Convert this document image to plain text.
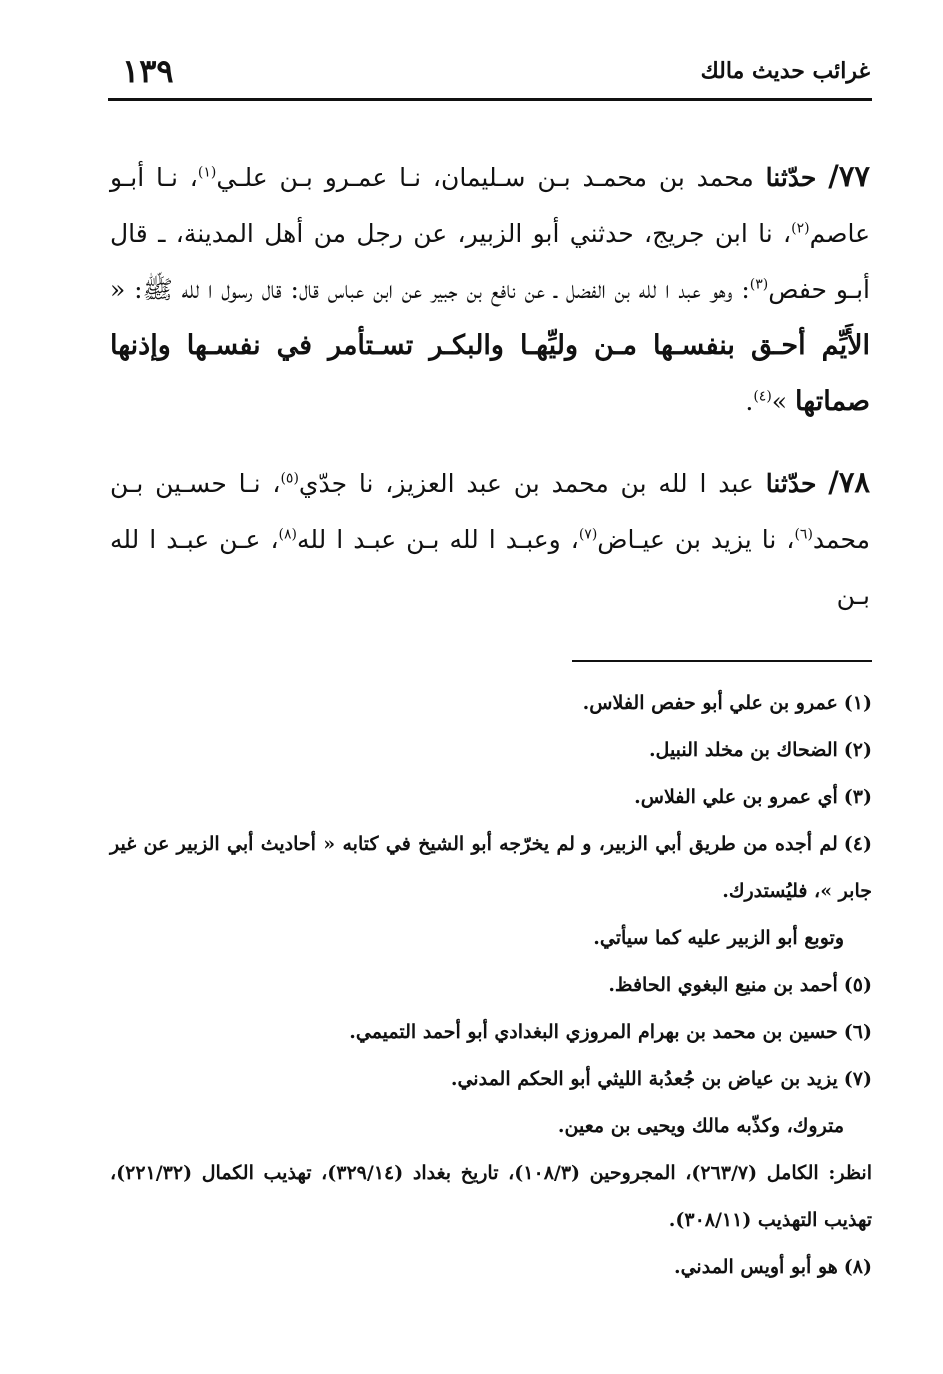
غرائب حديث مالك
١٣٩

٧٧/ حدّثنا محمد بن محمـد بـن سـليمان، نـا عمـرو بـن علـي$^{(١)}$، نـا أبـو عاصم$^{(٢)}$، نا ابن جريج، حدثني أبو الزبير، عن رجل من أهل المدينة، ـ قال أبـو حفص$^{(٣)}$: وهو عبد ا لله بن الفضل ـ عن نافع بن جبير عن ابن عباس قال: قال رسول ا لله ﷺ: « الأَيِّم أحـق بنفسـها مـن وليِّهـا والبكـر تسـتأمر في نفسـها وإذنها صماتها »$^{(٤)}$.

٧٨/ حدّثنا عبد ا لله بن محمد بن عبد العزيز، نا جدّي$^{(٥)}$، نـا حسـين بـن محمد$^{(٦)}$، نا يزيد بن عيـاض$^{(٧)}$، وعبـد ا لله بـن عبـد ا لله$^{(٨)}$، عـن عبـد ا لله بـن

(١)عمرو بن علي أبو حفص الفلاس.

(٢)الضحاك بن مخلد النبيل.

(٣)أي عمرو بن علي الفلاس.

(٤)لم أجده من طريق أبي الزبير، و لم يخرّجه أبو الشيخ في كتابه « أحاديث أبي الزبير عن غير جابر »، فليُستدرك.

وتوبع أبو الزبير عليه كما سيأتي.

(٥)أحمد بن منيع البغوي الحافظ.

(٦)حسين بن محمد بن بهرام المروزي البغدادي أبو أحمد التميمي.

(٧)يزيد بن عياض بن جُعدُبة الليثي أبو الحكم المدني.

متروك، وكذّبه مالك ويحيى بن معين.

انظر: الكامل (٢٦٣/٧)، المجروحين (١٠٨/٣)، تاريخ بغداد (٣٢٩/١٤)، تهذيب الكمال (٢٢١/٣٢)، تهذيب التهذيب (٣٠٨/١١).

(٨)هو أبو أويس المدني.
